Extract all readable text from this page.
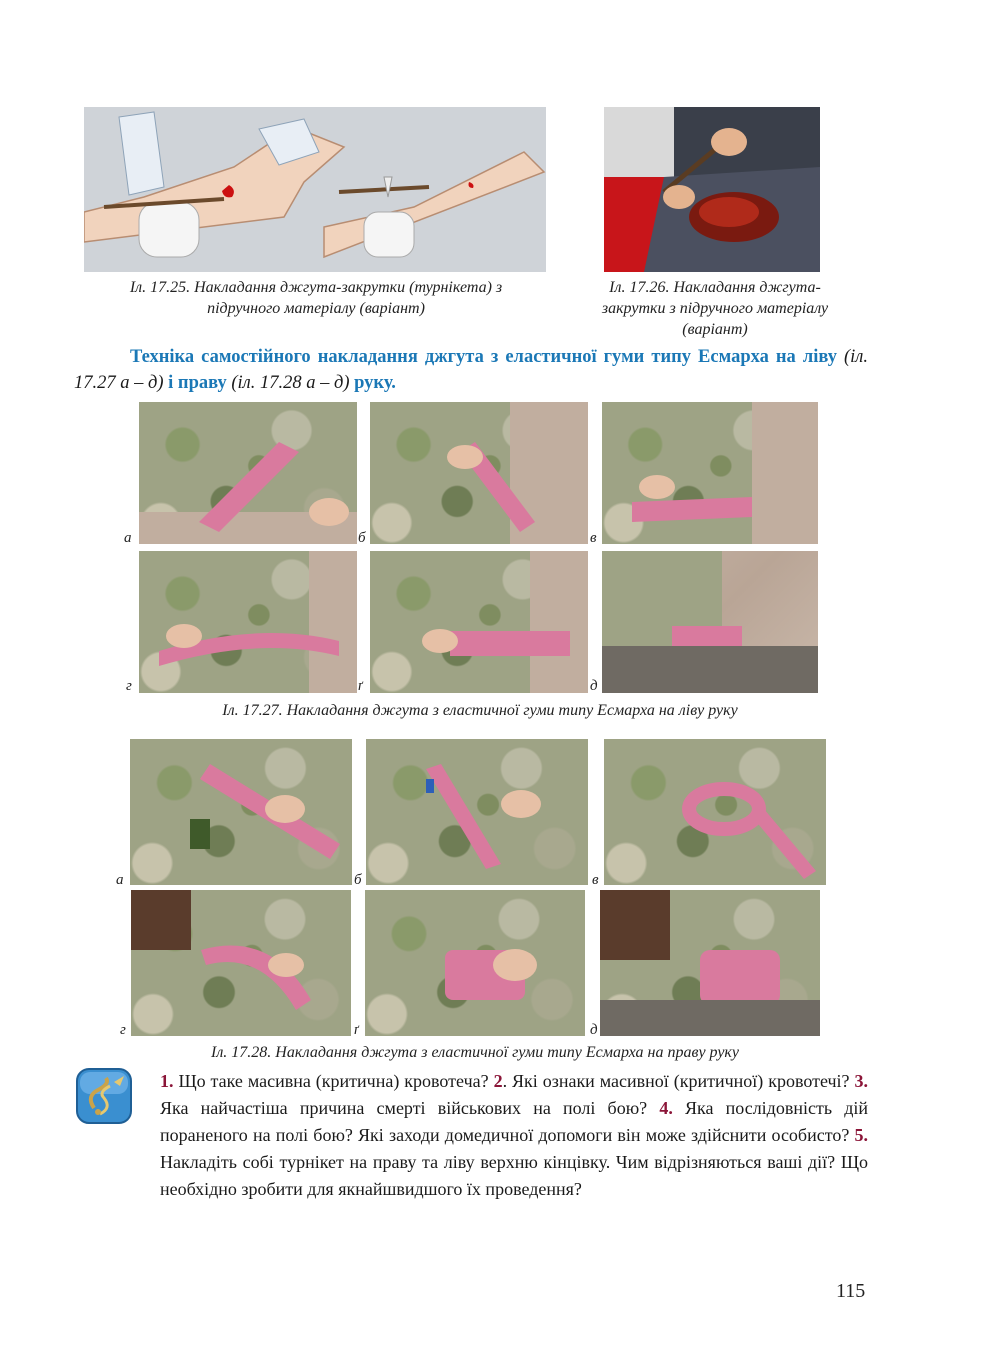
Іл. 17.25. Накладання джгута-закрутки (турнікета) з підручного матеріалу (варіант)
Іл. 17.26. Накладання джгута-закрутки з підручного матеріалу (варіант)
Техніка самостійного накладання джгута з еластичної гуми типу Есмарха на ліву (іл. 17.27 а – д) і праву (іл. 17.28 а – д) руку.
а	б	в
г	ґ	д
Іл. 17.27. Накладання джгута з еластичної гуми типу Есмарха на ліву руку
а	б	в
г	ґ	д
Іл. 17.28. Накладання джгута з еластичної гуми типу Есмарха на праву руку
1. Що таке масивна (критична) кровотеча? 2. Які ознаки масивної (критичної) кровотечі? 3. Яка найчастіша причина смерті військових на полі бою? 4. Яка послідовність дій пораненого на полі бою? Які заходи домедичної допомоги він може здійснити особисто? 5. Накладіть собі турнікет на праву та ліву верхню кінцівку. Чим відрізняються ваші дії? Що необхідно зробити для якнайшвидшого їх проведення?
115
